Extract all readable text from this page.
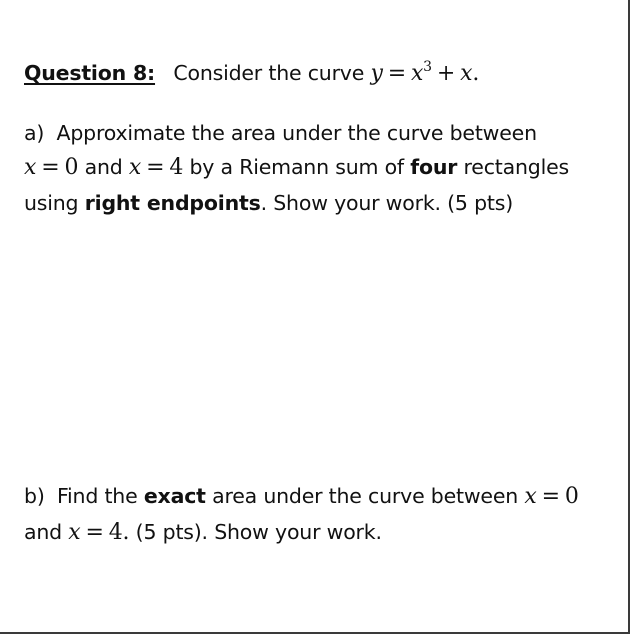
Question 8: Consider the curve $y = x^3 + x$.
a) Approximate the area under the curve between
x = 0 and x = 4 by a Riemann sum of four rectangles
using right endpoints. Show your work. (5 pts)
b) Find the exact area under the curve between x = 0
and x = 4. (5 pts). Show your work.
